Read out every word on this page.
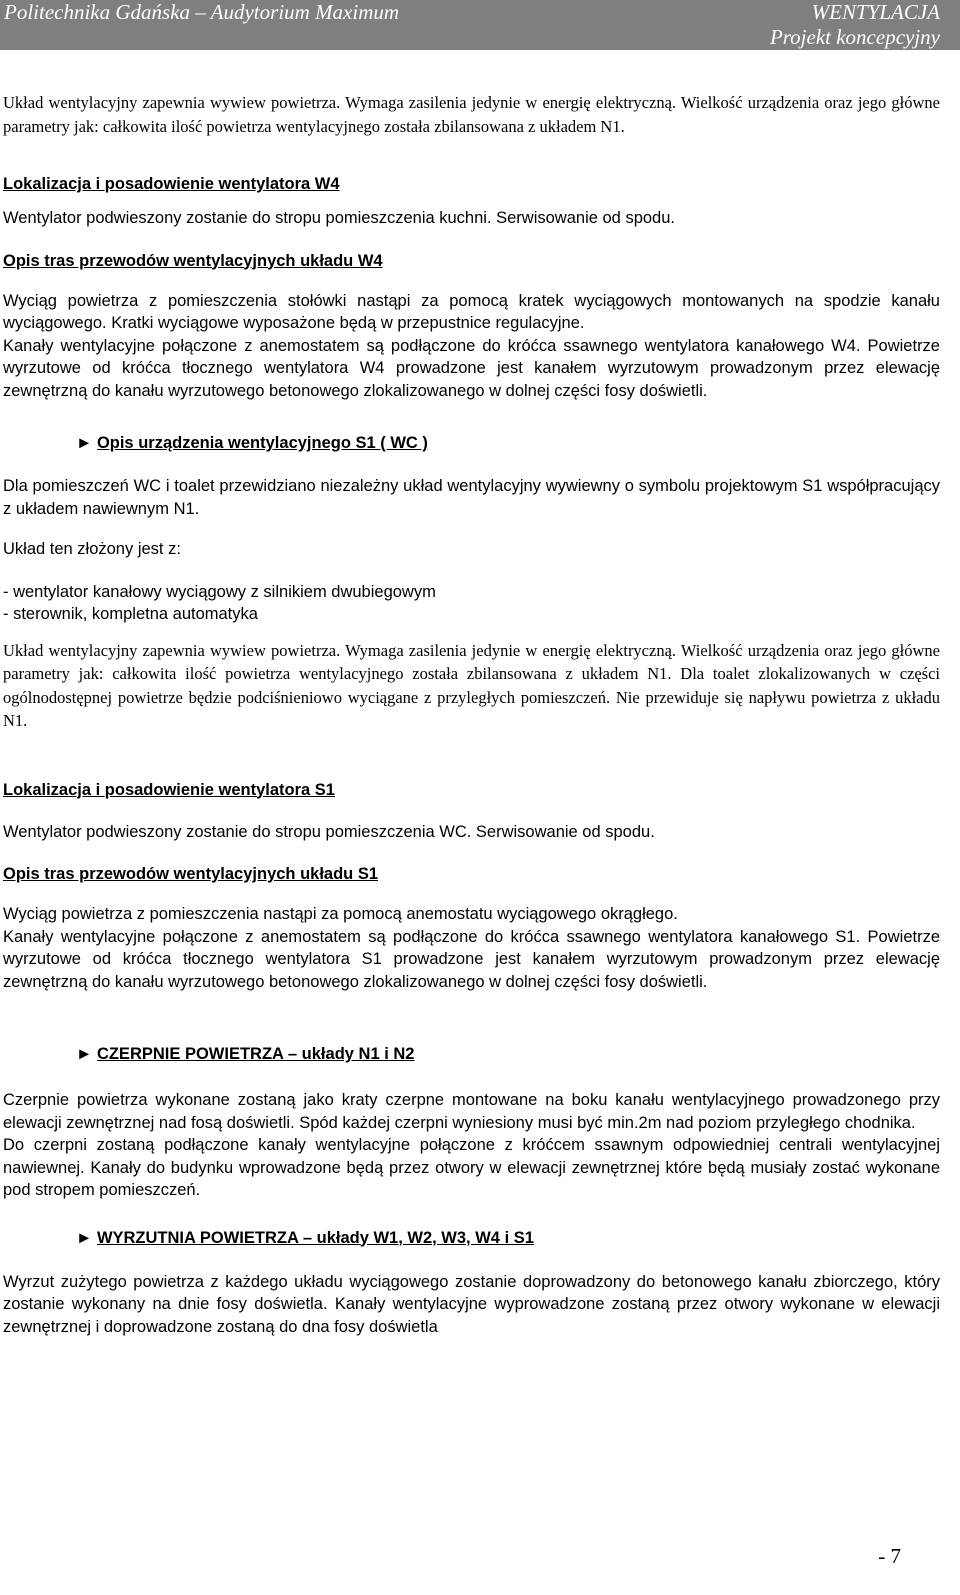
Politechnika Gdańska – Audytorium Maximum	WENTYLACJA
Projekt koncepcyjny

Układ wentylacyjny zapewnia wywiew powietrza. Wymaga zasilenia jedynie w energię elektryczną. Wielkość urządzenia oraz jego główne parametry jak: całkowita ilość powietrza wentylacyjnego została zbilansowana z układem N1.

Lokalizacja i posadowienie wentylatora W4

Wentylator podwieszony zostanie do stropu pomieszczenia kuchni. Serwisowanie od spodu.

Opis tras przewodów wentylacyjnych układu W4

Wyciąg powietrza z pomieszczenia stołówki nastąpi za pomocą kratek wyciągowych montowanych na spodzie kanału wyciągowego. Kratki wyciągowe wyposażone będą w przepustnice regulacyjne.

Kanały wentylacyjne połączone z anemostatem są podłączone do króćca ssawnego wentylatora kanałowego W4. Powietrze wyrzutowe od króćca tłocznego wentylatora W4 prowadzone jest kanałem wyrzutowym prowadzonym przez elewację zewnętrzną do kanału wyrzutowego betonowego zlokalizowanego w dolnej części fosy doświetli.

► Opis urządzenia wentylacyjnego S1 ( WC )

Dla pomieszczeń WC i toalet przewidziano niezależny układ wentylacyjny wywiewny o symbolu projektowym S1 współpracujący z układem nawiewnym N1.

Układ ten złożony jest z:

- wentylator kanałowy wyciągowy z silnikiem dwubiegowym
- sterownik, kompletna automatyka

Układ wentylacyjny zapewnia wywiew powietrza. Wymaga zasilenia jedynie w energię elektryczną. Wielkość urządzenia oraz jego główne parametry jak: całkowita ilość powietrza wentylacyjnego została zbilansowana z układem N1. Dla toalet zlokalizowanych w części ogólnodostępnej powietrze będzie podciśnieniowo wyciągane z przyległych pomieszczeń. Nie przewiduje się napływu powietrza z układu N1.

Lokalizacja i posadowienie wentylatora S1

Wentylator podwieszony zostanie do stropu pomieszczenia WC. Serwisowanie od spodu.

Opis tras przewodów wentylacyjnych układu S1

Wyciąg powietrza z pomieszczenia nastąpi za pomocą anemostatu wyciągowego okrągłego.

Kanały wentylacyjne połączone z anemostatem są podłączone do króćca ssawnego wentylatora kanałowego S1. Powietrze wyrzutowe od króćca tłocznego wentylatora S1 prowadzone jest kanałem wyrzutowym prowadzonym przez elewację zewnętrzną do kanału wyrzutowego betonowego zlokalizowanego w dolnej części fosy doświetli.

► CZERPNIE POWIETRZA – układy N1 i N2

Czerpnie powietrza wykonane zostaną jako kraty czerpne montowane na boku kanału wentylacyjnego prowadzonego przy elewacji zewnętrznej nad fosą doświetli. Spód każdej czerpni wyniesiony musi być min.2m nad poziom przyległego chodnika.

Do czerpni zostaną podłączone kanały wentylacyjne połączone z króćcem ssawnym odpowiedniej centrali wentylacyjnej nawiewnej. Kanały do budynku wprowadzone będą przez otwory w elewacji zewnętrznej które będą musiały zostać wykonane pod stropem pomieszczeń.

► WYRZUTNIA POWIETRZA – układy W1, W2, W3, W4 i S1

Wyrzut zużytego powietrza z każdego układu wyciągowego zostanie doprowadzony do betonowego kanału zbiorczego, który zostanie wykonany na dnie fosy doświetla. Kanały wentylacyjne wyprowadzone zostaną przez otwory wykonane w elewacji zewnętrznej i doprowadzone zostaną do dna fosy doświetla

- 7
